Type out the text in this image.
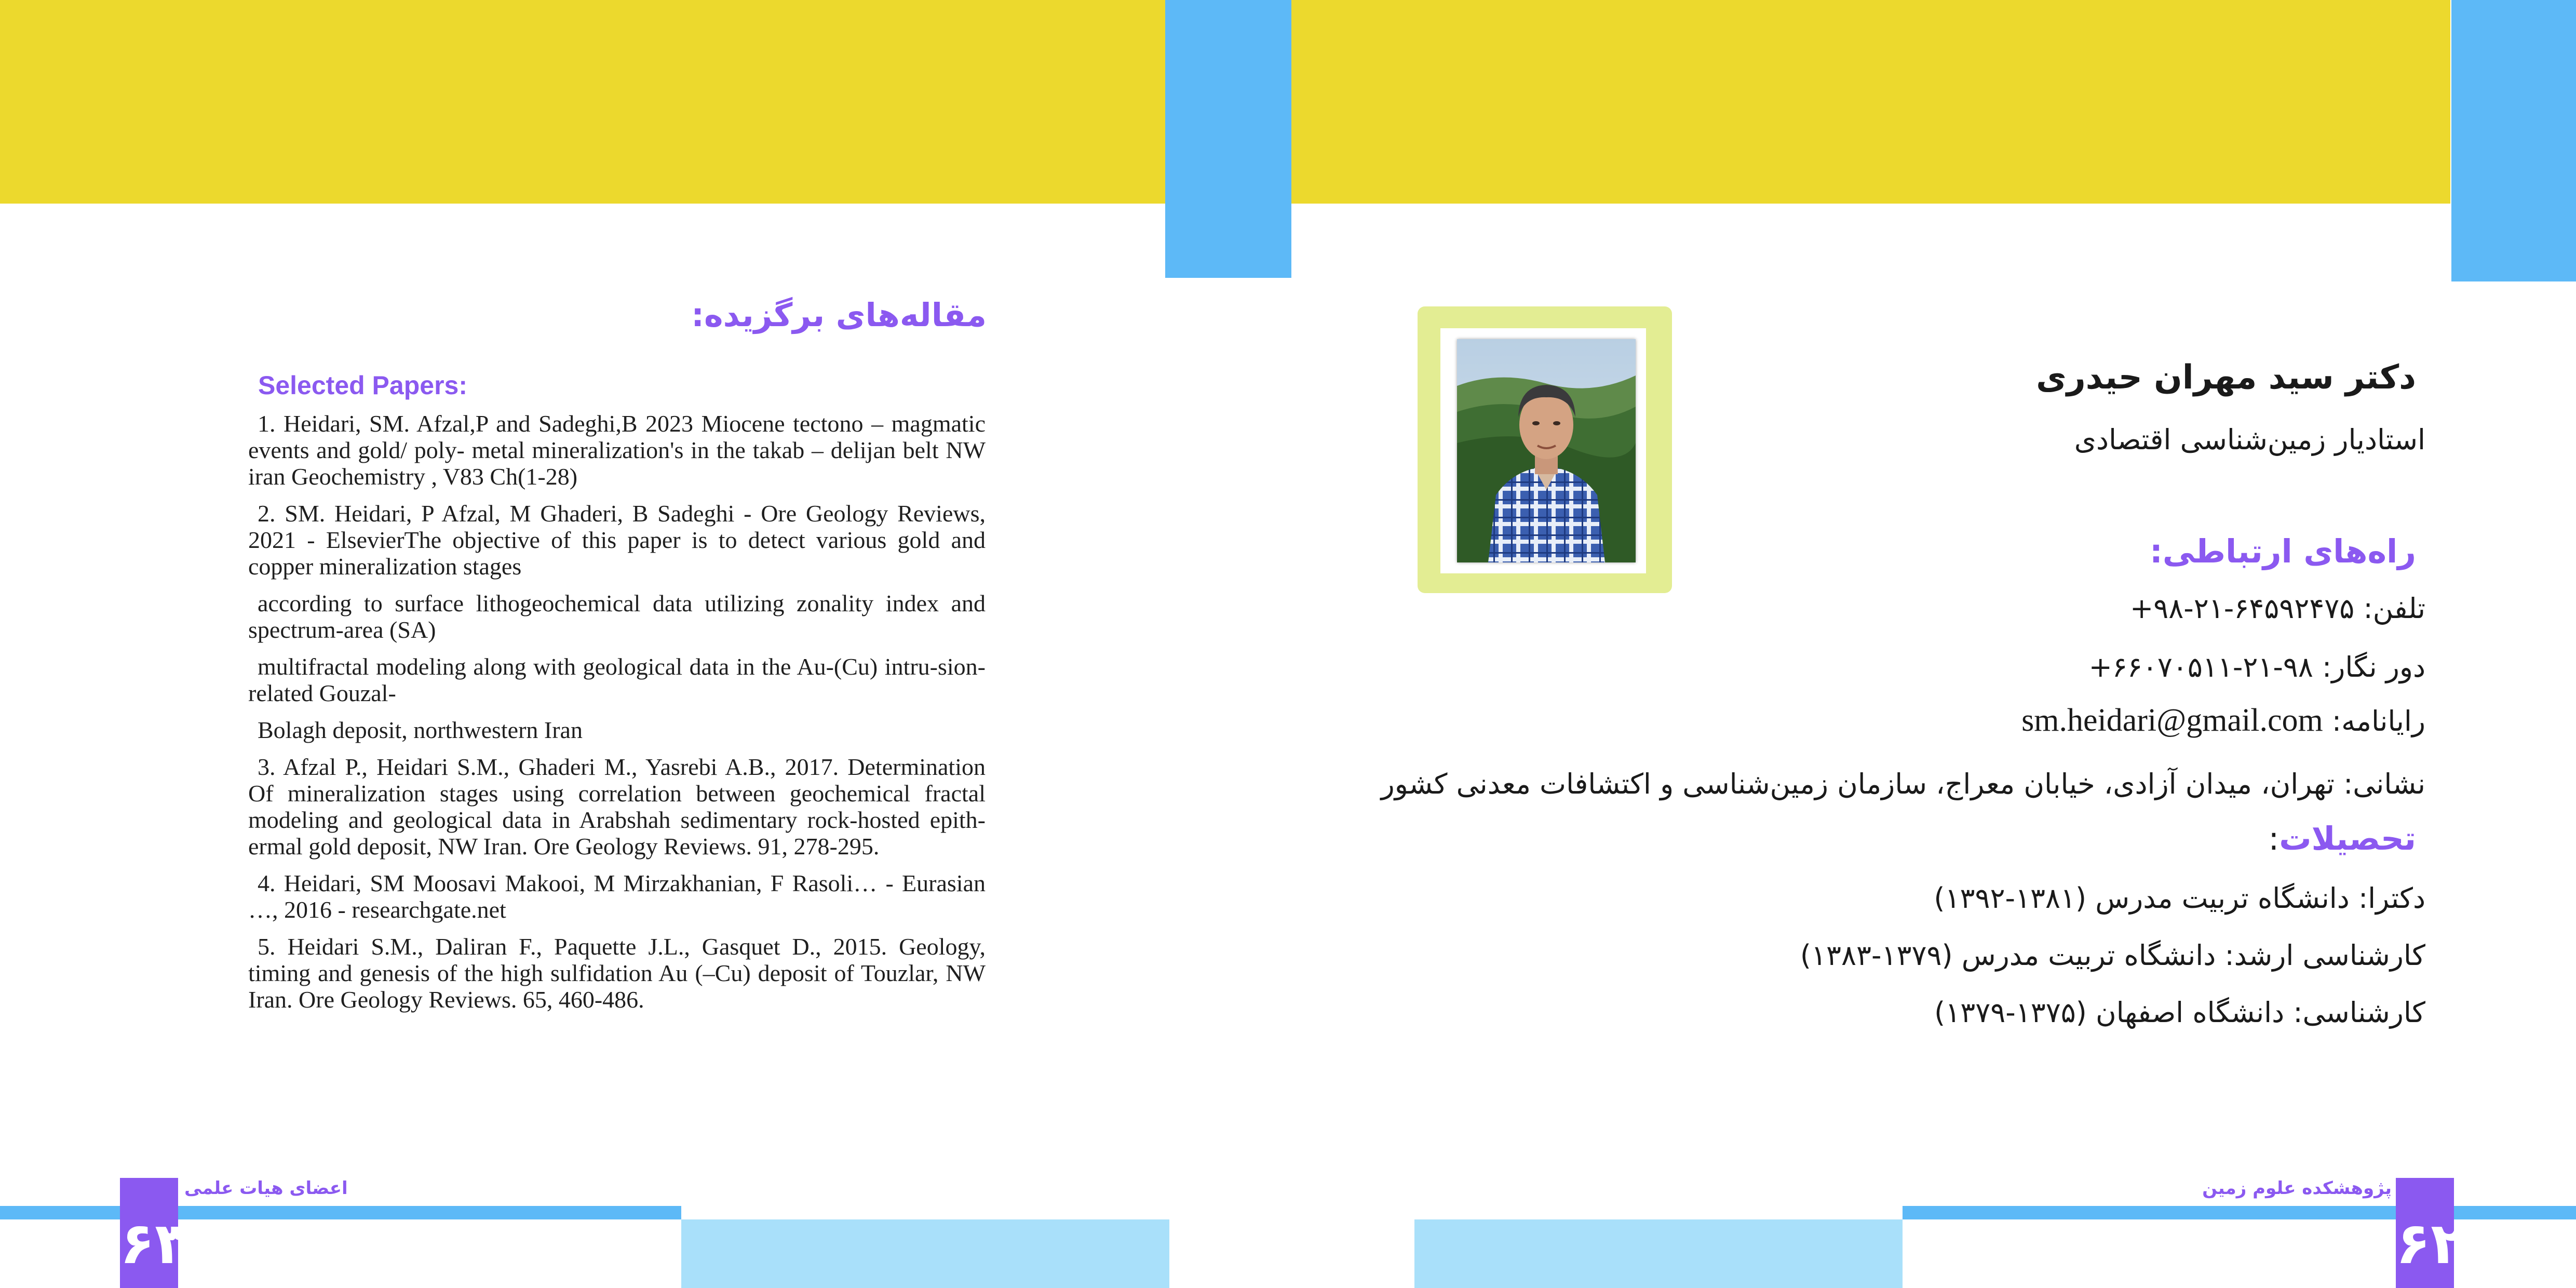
مقاله‌های برگزیده:
Selected Papers:

1. Heidari, SM. Afzal,P and Sadeghi,B 2023 Miocene tectono – magmatic events and gold/ poly- metal mineralization's in the takab – delijan belt NW iran Geochemistry , V83 Ch(1-28)

2. SM. Heidari, P Afzal, M Ghaderi, B Sadeghi - Ore Geology Reviews, 2021 - ElsevierThe objective of this paper is to detect various gold and copper mineralization stages

according to surface lithogeochemical data utilizing zonality index and spectrum-area (SA)

multifractal modeling along with geological data in the Au-(Cu) intru-sion-related Gouzal-

Bolagh deposit, northwestern Iran

3. Afzal P., Heidari S.M., Ghaderi M., Yasrebi A.B., 2017. Determination Of mineralization stages using correlation between geochemical fractal modeling and geological data in Arabshah sedimentary rock-hosted epith-ermal gold deposit, NW Iran. Ore Geology Reviews. 91, 278-295.

4. Heidari, SM Moosavi Makooi, M Mirzakhanian, F Rasoli… - Eurasian …, 2016 - researchgate.net

5. Heidari S.M., Daliran F., Paquette J.L., Gasquet D., 2015. Geology, timing and genesis of the high sulfidation Au (–Cu) deposit of Touzlar, NW Iran. Ore Geology Reviews. 65, 460-486.

دکتر سید مهران حیدری
استادیار زمین‌شناسی اقتصادی
راه‌های ارتباطی:
تلفن: ۶۴۵۹۲۴۷۵-۲۱-۹۸+
دور نگار: ۹۸-۲۱-۶۶۰۷۰۵۱۱+
رایانامه: sm.heidari@gmail.com
نشانی: تهران، میدان آزادی، خیابان معراج، سازمان زمین‌شناسی و اکتشافات معدنی کشور
تحصیلات:
دکترا: دانشگاه تربیت مدرس (۱۳۸۱-۱۳۹۲)
کارشناسی ارشد: دانشگاه تربیت مدرس (۱۳۷۹-۱۳۸۳)
کارشناسی: دانشگاه اصفهان (۱۳۷۵-۱۳۷۹)
۶۳	۶۲
اعضای هیات علمی	پژوهشکده علوم زمین
